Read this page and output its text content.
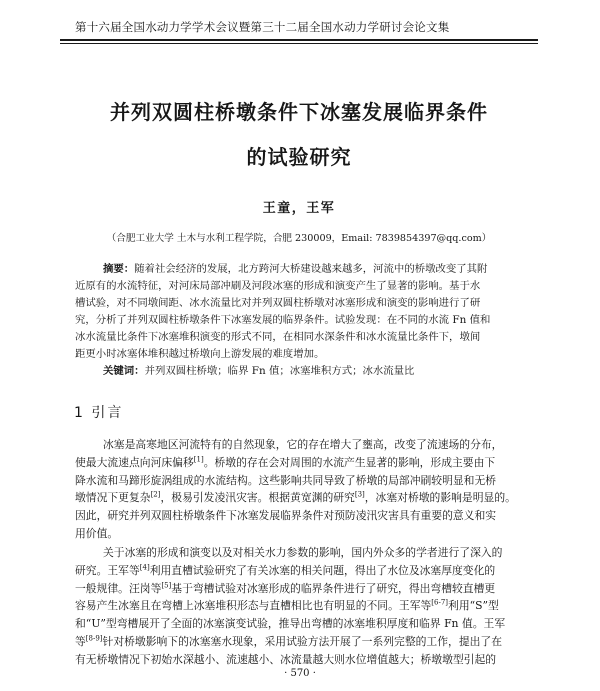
第十六届全国水动力学学术会议暨第三十二届全国水动力学研讨会论文集
并列双圆柱桥墩条件下冰塞发展临界条件
的试验研究
王童，王军
（合肥工业大学 土木与水利工程学院，合肥 230009，Email: 7839854397@qq.com）
摘要：随着社会经济的发展，北方跨河大桥建设越来越多，河流中的桥墩改变了其附
近原有的水流特征，对河床局部冲刷及河段冰塞的形成和演变产生了显著的影响。基于水
槽试验，对不同墩间距、冰水流量比对并列双圆柱桥墩对冰塞形成和演变的影响进行了研
究，分析了并列双圆柱桥墩条件下冰塞发展的临界条件。试验发现：在不同的水流 Fn 值和
冰水流量比条件下冰塞堆积演变的形式不同，在相同水深条件和冰水流量比条件下，墩间
距更小时冰塞体堆积越过桥墩向上游发展的难度增加。
关键词：并列双圆柱桥墩；临界 Fn 值；冰塞堆积方式；冰水流量比
1 引言
冰塞是高寒地区河流特有的自然现象，它的存在增大了壅高，改变了流速场的分布，
使最大流速点向河床偏移[1]。桥墩的存在会对周围的水流产生显著的影响，形成主要由下
降水流和马蹄形旋涡组成的水流结构。这些影响共同导致了桥墩的局部冲刷较明显和无桥
墩情况下更复杂[2]，极易引发凌汛灾害。根据黄宽渊的研究[3]，冰塞对桥墩的影响是明显的。
因此，研究并列双圆柱桥墩条件下冰塞发展临界条件对预防凌汛灾害具有重要的意义和实
用价值。
关于冰塞的形成和演变以及对相关水力参数的影响，国内外众多的学者进行了深入的
研究。王军等[4]利用直槽试验研究了有关冰塞的相关问题，得出了水位及冰塞厚度变化的
一般规律。汪岗等[5]基于弯槽试验对冰塞形成的临界条件进行了研究，得出弯槽较直槽更
容易产生冰塞且在弯槽上冰塞堆积形态与直槽相比也有明显的不同。王军等[6-7]利用“S”型
和“U”型弯槽展开了全面的冰塞演变试验，推导出弯槽的冰塞堆积厚度和临界 Fn 值。王军
等[8-9]针对桥墩影响下的冰塞塞水现象，采用试验方法开展了一系列完整的工作，提出了在
有无桥墩情况下初始水深越小、流速越小、冰流量越大则水位增值越大；桥墩墩型引起的
· 570 ·
